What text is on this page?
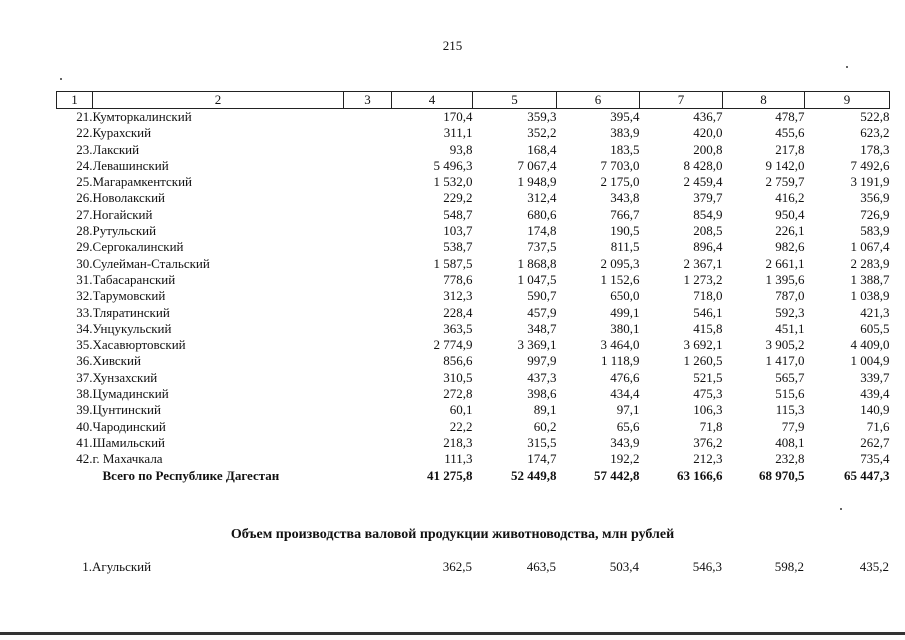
215
1	2	3	4	5	6	7	8	9
21.	Кумторкалинский		170,4	359,3	395,4	436,7	478,7	522,8
22.	Курахский		311,1	352,2	383,9	420,0	455,6	623,2
23.	Лакский		93,8	168,4	183,5	200,8	217,8	178,3
24.	Левашинский		5 496,3	7 067,4	7 703,0	8 428,0	9 142,0	7 492,6
25.	Магарамкентский		1 532,0	1 948,9	2 175,0	2 459,4	2 759,7	3 191,9
26.	Новолакский		229,2	312,4	343,8	379,7	416,2	356,9
27.	Ногайский		548,7	680,6	766,7	854,9	950,4	726,9
28.	Рутульский		103,7	174,8	190,5	208,5	226,1	583,9
29.	Сергокалинский		538,7	737,5	811,5	896,4	982,6	1 067,4
30.	Сулейман-Стальский		1 587,5	1 868,8	2 095,3	2 367,1	2 661,1	2 283,9
31.	Табасаранский		778,6	1 047,5	1 152,6	1 273,2	1 395,6	1 388,7
32.	Тарумовский		312,3	590,7	650,0	718,0	787,0	1 038,9
33.	Тляратинский		228,4	457,9	499,1	546,1	592,3	421,3
34.	Унцукульский		363,5	348,7	380,1	415,8	451,1	605,5
35.	Хасавюртовский		2 774,9	3 369,1	3 464,0	3 692,1	3 905,2	4 409,0
36.	Хивский		856,6	997,9	1 118,9	1 260,5	1 417,0	1 004,9
37.	Хунзахский		310,5	437,3	476,6	521,5	565,7	339,7
38.	Цумадинский		272,8	398,6	434,4	475,3	515,6	439,4
39.	Цунтинский		60,1	89,1	97,1	106,3	115,3	140,9
40.	Чародинский		22,2	60,2	65,6	71,8	77,9	71,6
41.	Шамильский		218,3	315,5	343,9	376,2	408,1	262,7
42.	г. Махачкала		111,3	174,7	192,2	212,3	232,8	735,4
	Всего по Республике Дагестан		41 275,8	52 449,8	57 442,8	63 166,6	68 970,5	65 447,3
Объем производства валовой продукции животноводства, млн рублей
1.	Агульский		362,5	463,5	503,4	546,3	598,2	435,2
